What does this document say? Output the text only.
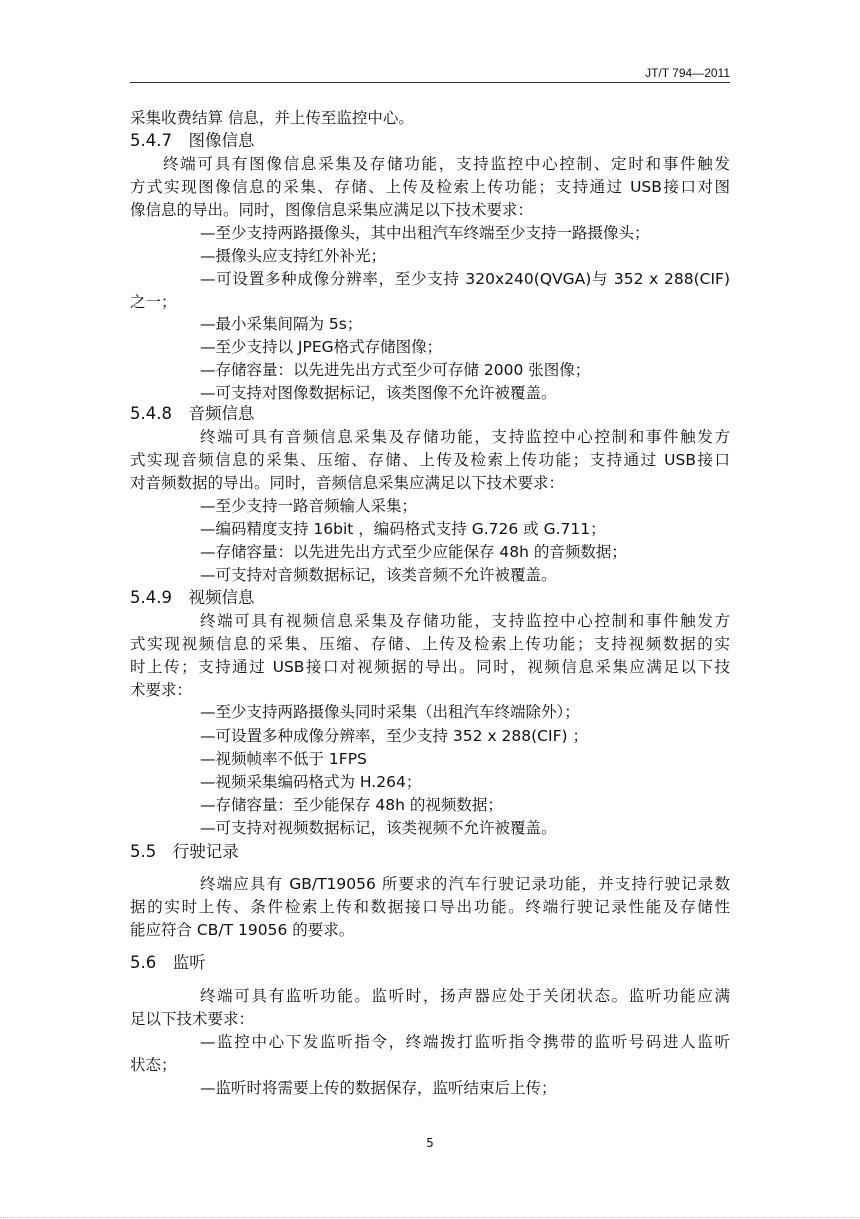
JT/T 794—2011
采集收费结算 信息，并上传至监控中心。
5.4.7　图像信息
终端可具有图像信息采集及存储功能，支持监控中心控制、定时和事件触发
方式实现图像信息的采集、存储、上传及检索上传功能；支持通过 USB接口对图
像信息的导出。同时，图像信息采集应满足以下技术要求：
—至少支持两路摄像头，其中出租汽车终端至少支持一路摄像头；
—摄像头应支持红外补光；
—可设置多种成像分辨率，至少支持 320x240(QVGA)与 352 x 288(CIF)
之一；
—最小采集间隔为 5s；
—至少支持以 JPEG格式存储图像；
—存储容量：以先进先出方式至少可存储 2000 张图像；
—可支持对图像数据标记，该类图像不允许被覆盖。
5.4.8　音频信息
终端可具有音频信息采集及存储功能，支持监控中心控制和事件触发方
式实现音频信息的采集、压缩、存储、上传及检索上传功能；支持通过 USB接口
对音频数据的导出。同时，音频信息采集应满足以下技术要求：
—至少支持一路音频输人采集；
—编码精度支持 16bit ，编码格式支持 G.726 或 G.711；
—存储容量：以先进先出方式至少应能保存 48h 的音频数据；
—可支持对音频数据标记，该类音频不允许被覆盖。
5.4.9　视频信息
终端可具有视频信息采集及存储功能，支持监控中心控制和事件触发方
式实现视频信息的采集、压缩、存储、上传及检索上传功能；支持视频数据的实
时上传；支持通过 USB接口对视频据的导出。同时，视频信息采集应满足以下技
术要求：
—至少支持两路摄像头同时采集（出租汽车终端除外）；
—可设置多种成像分辨率，至少支持 352 x 288(CIF) ；
—视频帧率不低于 1FPS
—视频采集编码格式为 H.264；
—存储容量：至少能保存 48h 的视频数据；
—可支持对视频数据标记，该类视频不允许被覆盖。
5.5　行驶记录
终端应具有 GB/T19056 所要求的汽车行驶记录功能，并支持行驶记录数
据的实时上传、条件检索上传和数据接口导出功能。终端行驶记录性能及存储性
能应符合 CB/T 19056 的要求。
5.6　监听
终端可具有监听功能。监听时，扬声器应处于关闭状态。监听功能应满
足以下技术要求：
—监控中心下发监听指令，终端拨打监听指令携带的监听号码进人监听
状态；
—监听时将需要上传的数据保存，监听结束后上传；
5
